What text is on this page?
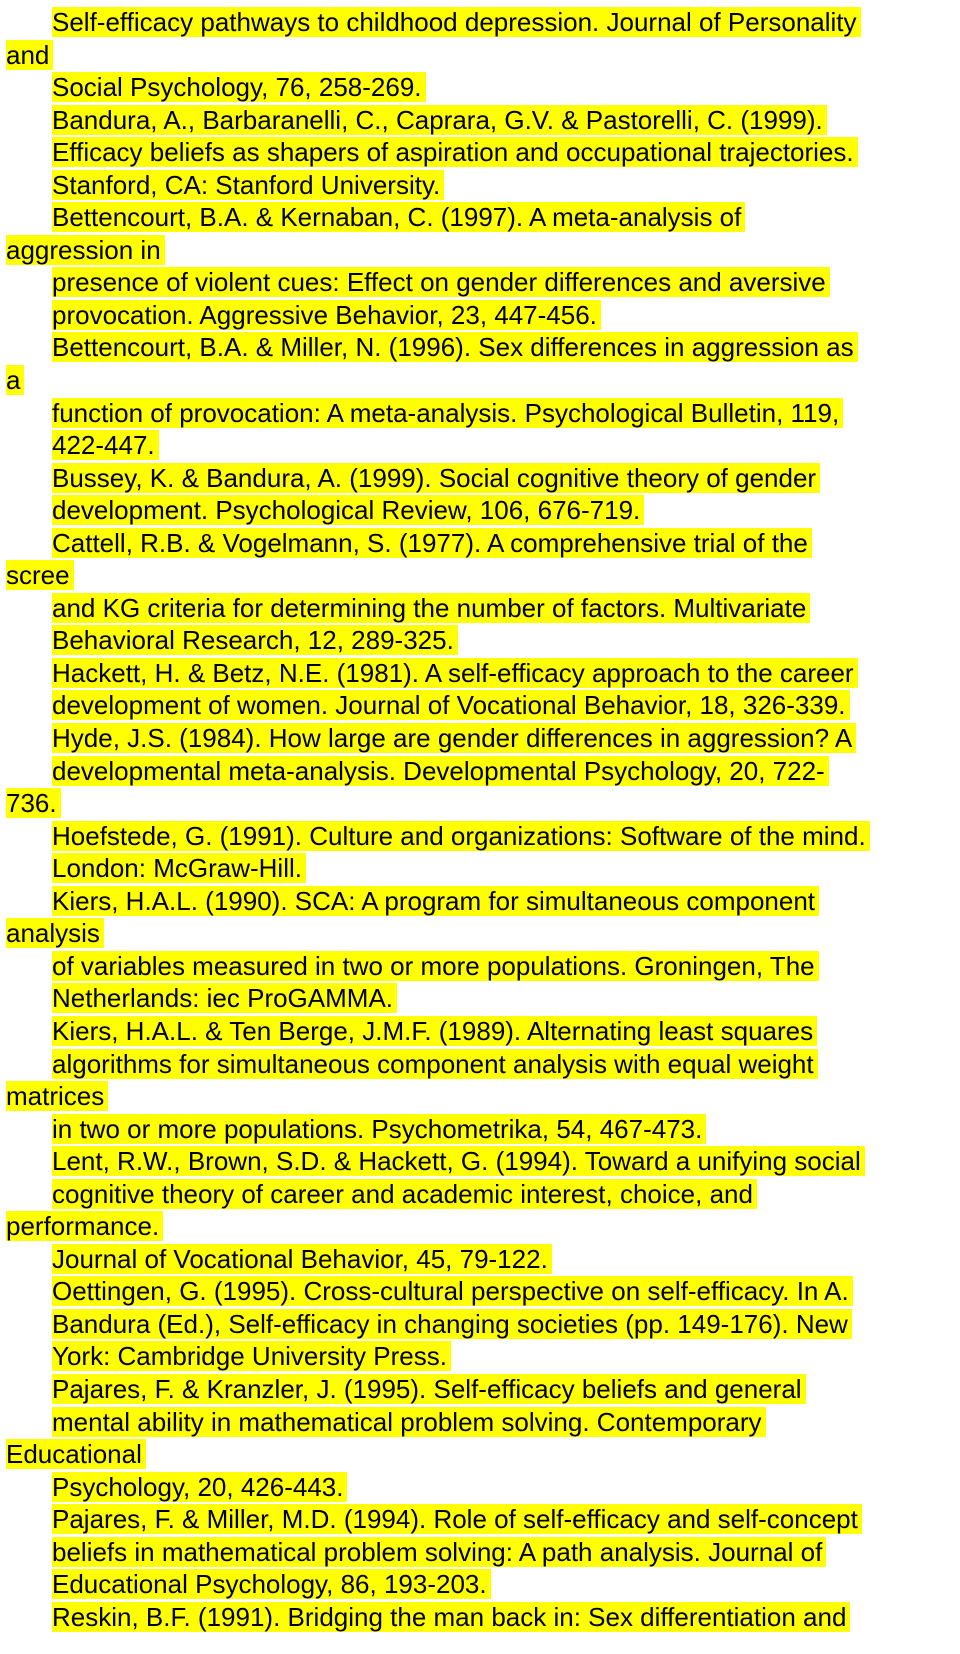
Self-efficacy pathways to childhood depression. Journal of Personality
and
Social Psychology, 76, 258-269.
Bandura, A., Barbaranelli, C., Caprara, G.V. & Pastorelli, C. (1999).
Efficacy beliefs as shapers of aspiration and occupational trajectories.
Stanford, CA: Stanford University.
Bettencourt, B.A. & Kernaban, C. (1997). A meta-analysis of
aggression in
presence of violent cues: Effect on gender differences and aversive
provocation. Aggressive Behavior, 23, 447-456.
Bettencourt, B.A. & Miller, N. (1996). Sex differences in aggression as
a
function of provocation: A meta-analysis. Psychological Bulletin, 119,
422-447.
Bussey, K. & Bandura, A. (1999). Social cognitive theory of gender
development. Psychological Review, 106, 676-719.
Cattell, R.B. & Vogelmann, S. (1977). A comprehensive trial of the
scree
and KG criteria for determining the number of factors. Multivariate
Behavioral Research, 12, 289-325.
Hackett, H. & Betz, N.E. (1981). A self-efficacy approach to the career
development of women. Journal of Vocational Behavior, 18, 326-339.
Hyde, J.S. (1984). How large are gender differences in aggression? A
developmental meta-analysis. Developmental Psychology, 20, 722-
736.
Hoefstede, G. (1991). Culture and organizations: Software of the mind.
London: McGraw-Hill.
Kiers, H.A.L. (1990). SCA: A program for simultaneous component
analysis
of variables measured in two or more populations. Groningen, The
Netherlands: iec ProGAMMA.
Kiers, H.A.L. & Ten Berge, J.M.F. (1989). Alternating least squares
algorithms for simultaneous component analysis with equal weight
matrices
in two or more populations. Psychometrika, 54, 467-473.
Lent, R.W., Brown, S.D. & Hackett, G. (1994). Toward a unifying social
cognitive theory of career and academic interest, choice, and
performance.
Journal of Vocational Behavior, 45, 79-122.
Oettingen, G. (1995). Cross-cultural perspective on self-efficacy. In A.
Bandura (Ed.), Self-efficacy in changing societies (pp. 149-176). New
York: Cambridge University Press.
Pajares, F. & Kranzler, J. (1995). Self-efficacy beliefs and general
mental ability in mathematical problem solving. Contemporary
Educational
Psychology, 20, 426-443.
Pajares, F. & Miller, M.D. (1994). Role of self-efficacy and self-concept
beliefs in mathematical problem solving: A path analysis. Journal of
Educational Psychology, 86, 193-203.
Reskin, B.F. (1991). Bridging the man back in: Sex differentiation and
